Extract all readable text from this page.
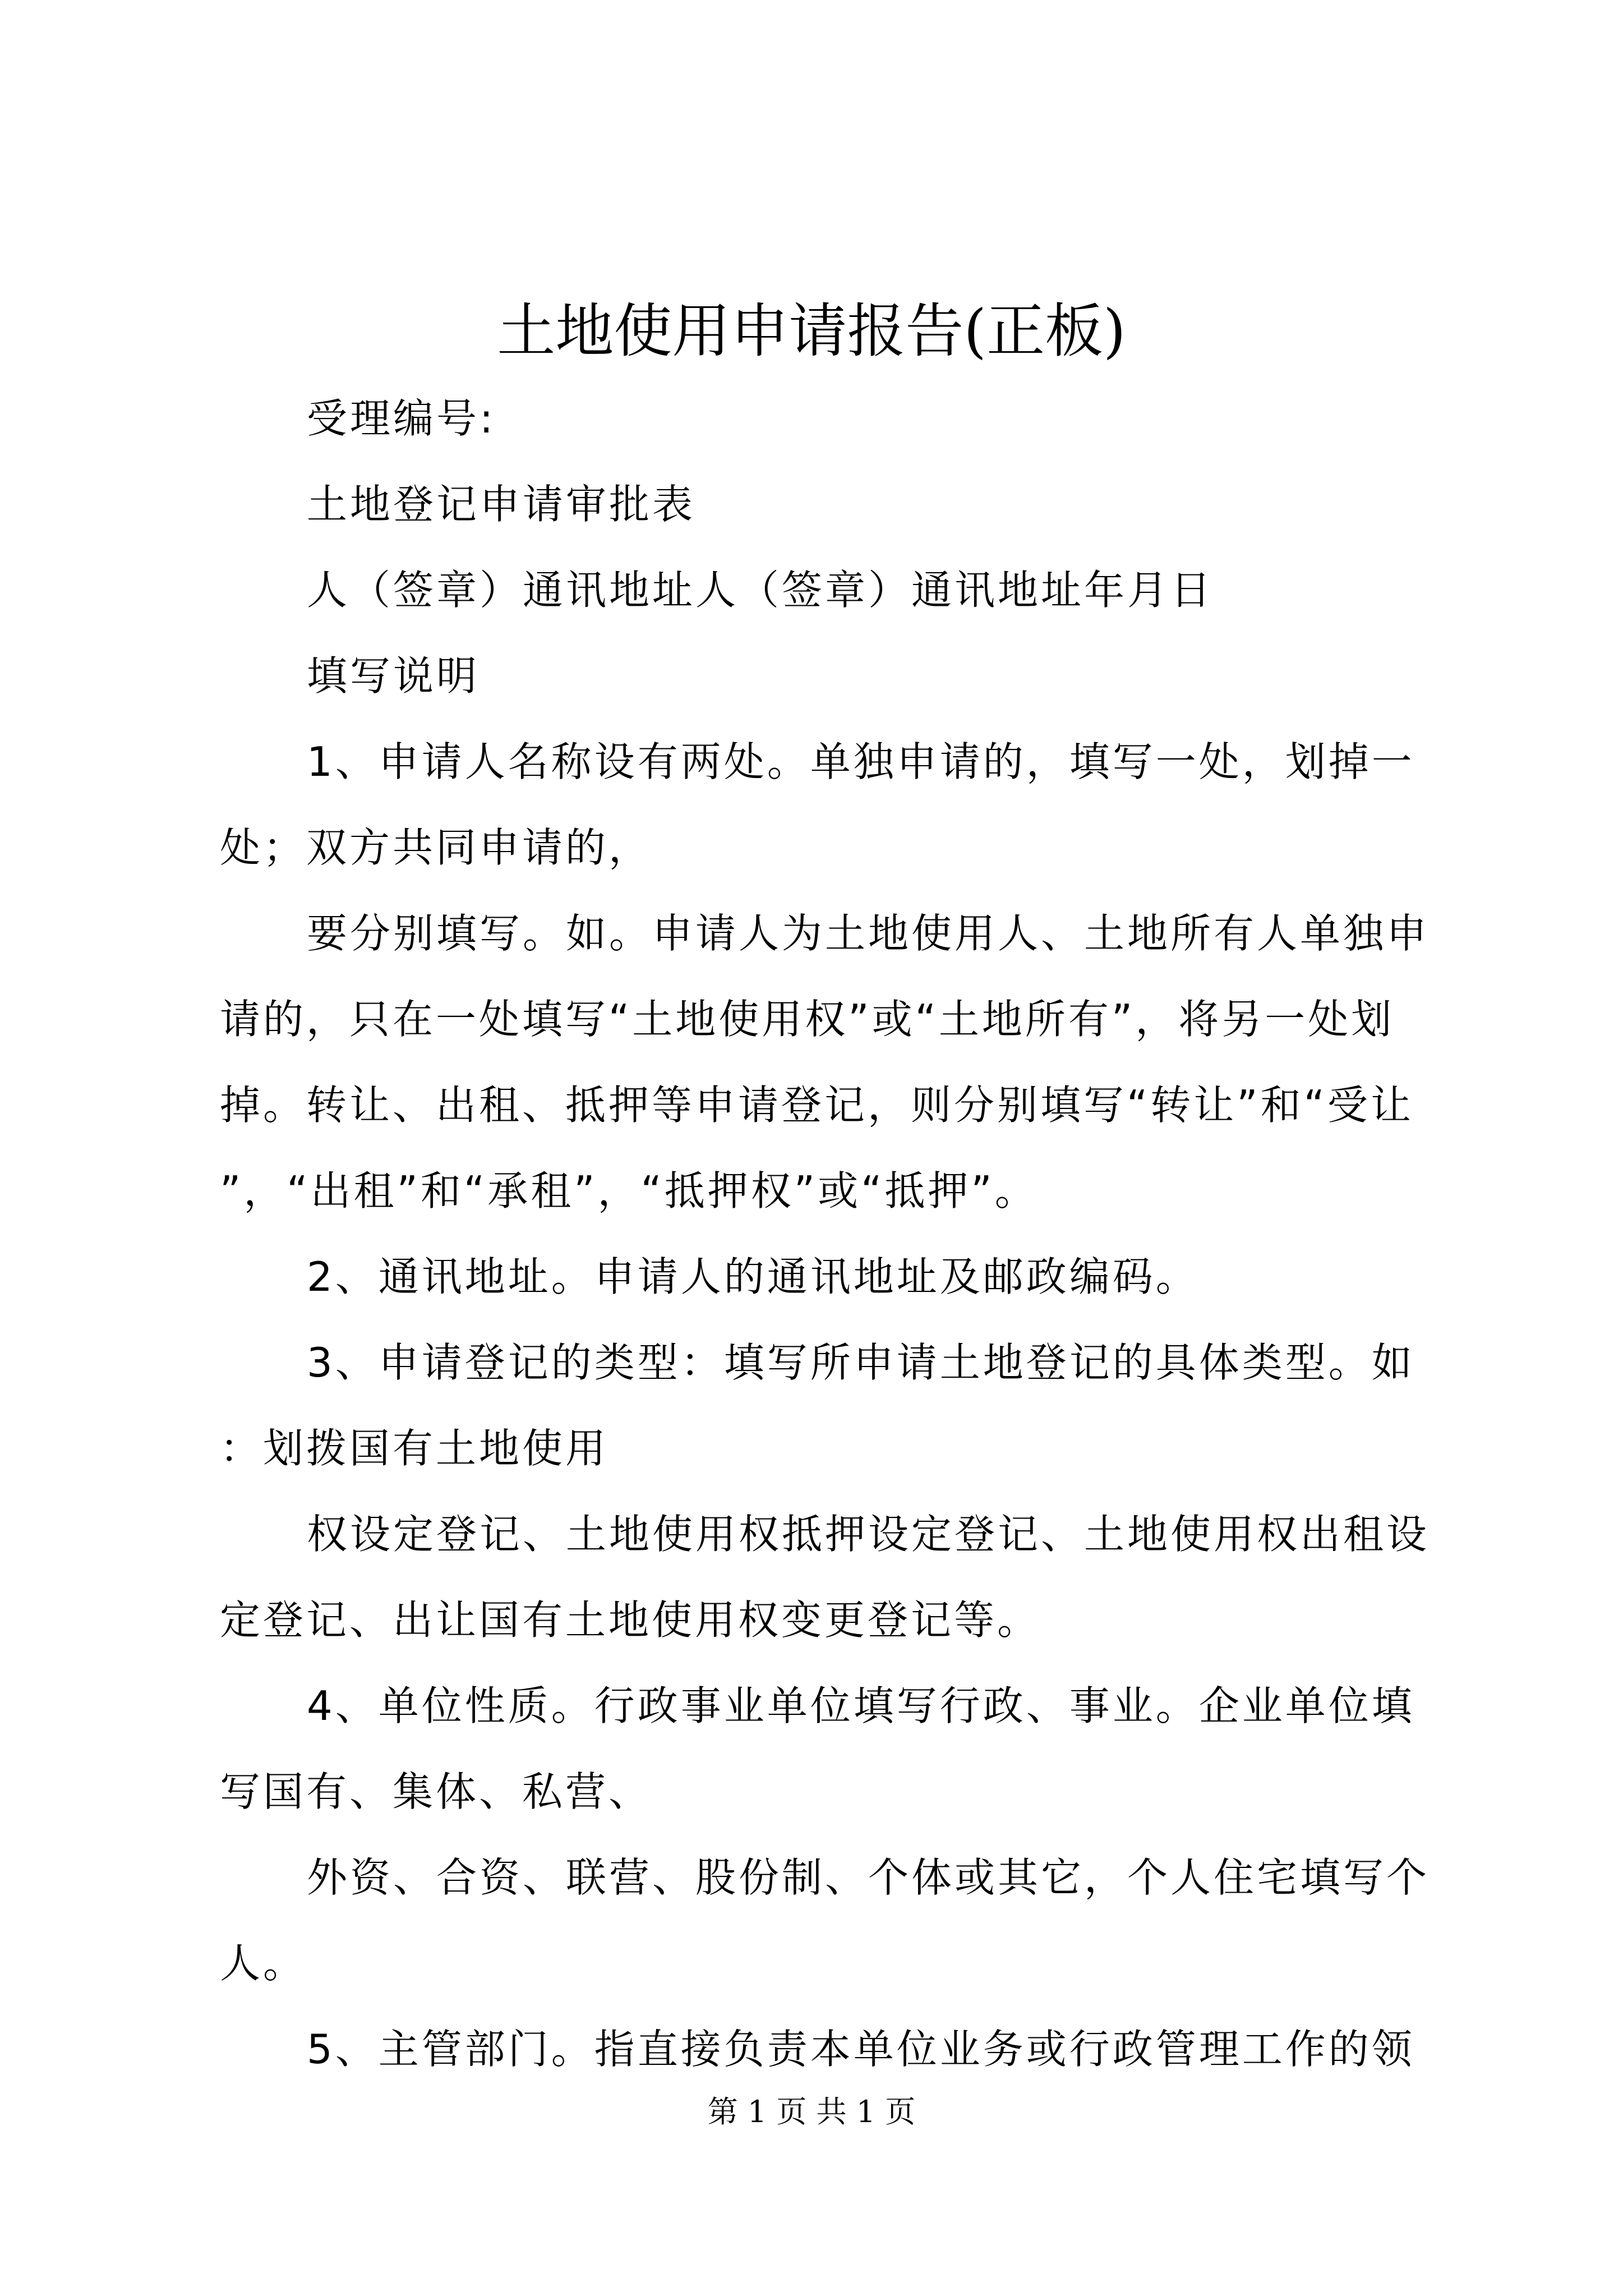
土地使用申请报告(正板)

受理编号:

土地登记申请审批表

人（签章）通讯地址人（签章）通讯地址年月日

填写说明

1、申请人名称设有两处。单独申请的，填写一处，划掉一处；双方共同申请的，

要分别填写。如。申请人为土地使用人、土地所有人单独申请的，只在一处填写“土地使用权”或“土地所有”，将另一处划掉。转让、出租、抵押等申请登记，则分别填写“转让”和“受让”，“出租”和“承租”，“抵押权”或“抵押”。

2、通讯地址。申请人的通讯地址及邮政编码。

3、申请登记的类型：填写所申请土地登记的具体类型。如：划拨国有土地使用

权设定登记、土地使用权抵押设定登记、土地使用权出租设定登记、出让国有土地使用权变更登记等。

4、单位性质。行政事业单位填写行政、事业。企业单位填写国有、集体、私营、

外资、合资、联营、股份制、个体或其它，个人住宅填写个人。

5、主管部门。指直接负责本单位业务或行政管理工作的领

第 1 页 共 1 页
